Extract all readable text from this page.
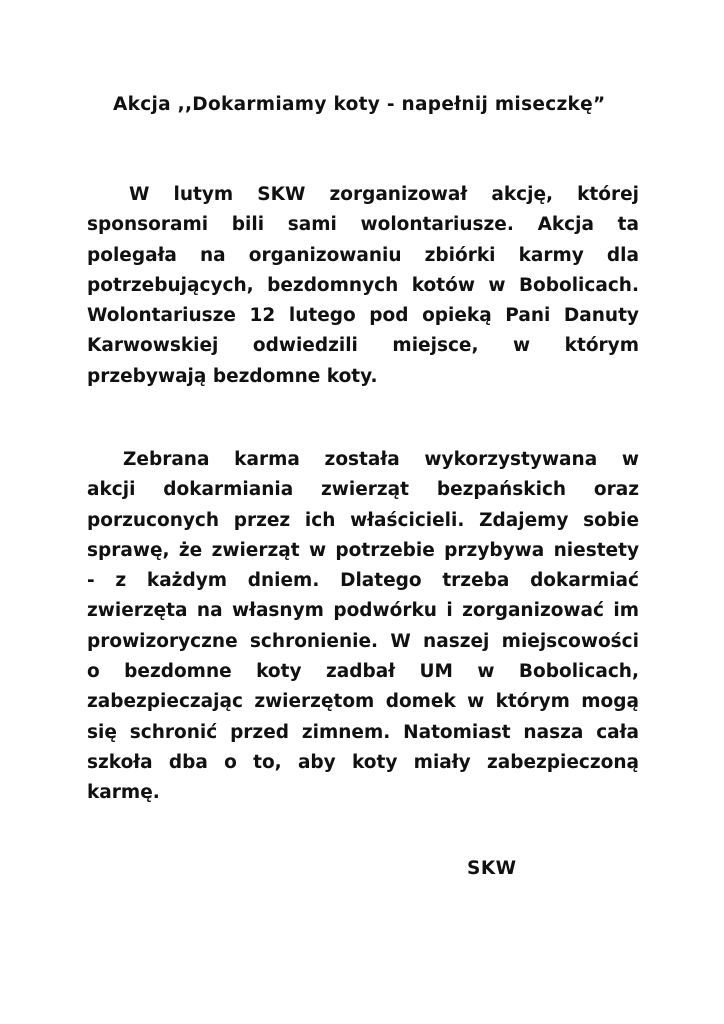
Akcja ,,Dokarmiamy koty - napełnij miseczkę”
W lutym SKW zorganizował akcję, której
sponsorami bili sami wolontariusze. Akcja ta
polegała na organizowaniu zbiórki karmy dla
potrzebujących, bezdomnych kotów w Bobolicach.
Wolontariusze 12 lutego pod opieką Pani Danuty
Karwowskiej odwiedzili miejsce, w którym
przebywają bezdomne koty.
Zebrana karma została wykorzystywana w
akcji dokarmiania zwierząt bezpańskich oraz
porzuconych przez ich właścicieli. Zdajemy sobie
sprawę, że zwierząt w potrzebie przybywa niestety
- z każdym dniem. Dlatego trzeba dokarmiać
zwierzęta na własnym podwórku i zorganizować im
prowizoryczne schronienie. W naszej miejscowości
o bezdomne koty zadbał UM w Bobolicach,
zabezpieczając zwierzętom domek w którym mogą
się schronić przed zimnem. Natomiast nasza cała
szkoła dba o to, aby koty miały zabezpieczoną
karmę.

SKW
